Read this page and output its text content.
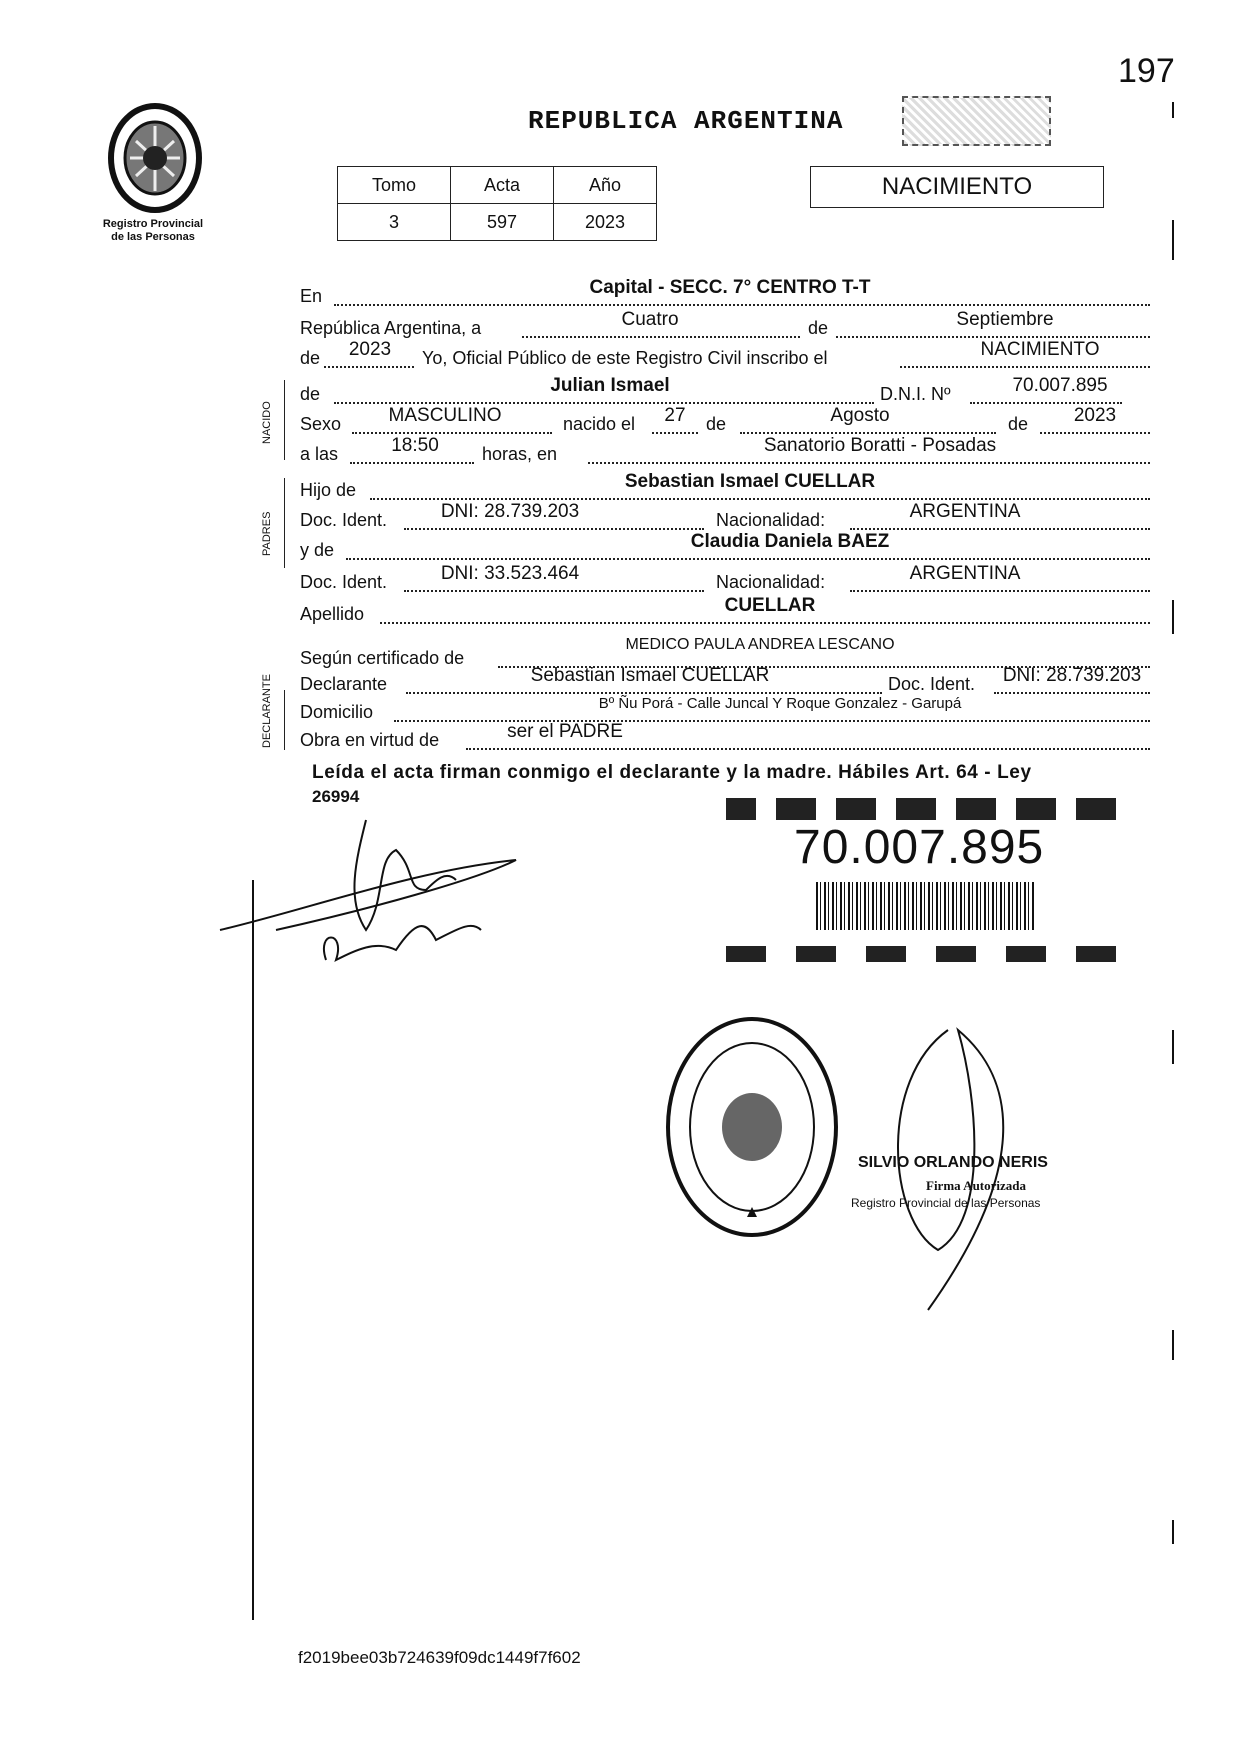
197
Registro Provincial
de las Personas
REPUBLICA ARGENTINA
Tomo	Acta	Año
3	597	2023
NACIMIENTO
NACIDO
PADRES
DECLARANTE
En	Capital - SECC. 7° CENTRO T-T
República Argentina, a	Cuatro	de	Septiembre
de	2023	Yo, Oficial Público de este Registro Civil inscribo el	NACIMIENTO
de	Julian Ismael	D.N.I. Nº	70.007.895
Sexo	MASCULINO	nacido el	27	de	Agosto	de	2023
a las	18:50	horas, en	Sanatorio Boratti - Posadas
Hijo de	Sebastian Ismael CUELLAR
Doc. Ident.	DNI: 28.739.203	Nacionalidad:	ARGENTINA
y de	Claudia Daniela BAEZ
Doc. Ident.	DNI: 33.523.464	Nacionalidad:	ARGENTINA
Apellido	CUELLAR
Según certificado de
MEDICO PAULA ANDREA LESCANO
Declarante	Sebastian Ismael CUELLAR	Doc. Ident.	DNI: 28.739.203
Domicilio	Bº Ñu Porá - Calle Juncal Y Roque Gonzalez - Garupá
Obra en virtud de	ser el PADRE
Leída el acta firman conmigo el declarante y la madre. Hábiles Art. 64 - Ley
26994
70.007.895
SILVIO ORLANDO NERIS
Firma Autorizada
Registro Provincial de las Personas
f2019bee03b724639f09dc1449f7f602
